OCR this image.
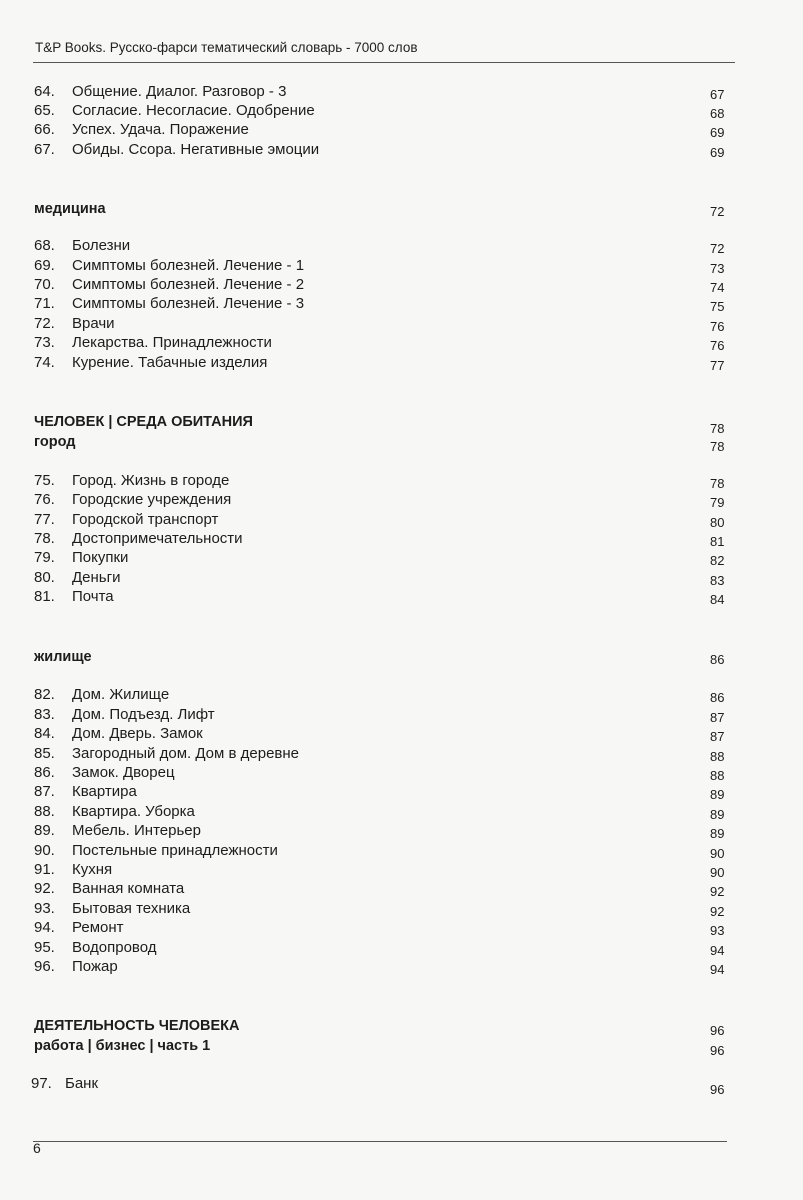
T&P Books. Русско-фарси тематический словарь - 7000 слов
64.	Общение. Диалог. Разговор - 3	67
65.	Согласие. Несогласие. Одобрение	68
66.	Успех. Удача. Поражение	69
67.	Обиды. Ссора. Негативные эмоции	69
медицина	72
68.	Болезни	72
69.	Симптомы болезней. Лечение - 1	73
70.	Симптомы болезней. Лечение - 2	74
71.	Симптомы болезней. Лечение - 3	75
72.	Врачи	76
73.	Лекарства. Принадлежности	76
74.	Курение. Табачные изделия	77
ЧЕЛОВЕК | СРЕДА ОБИТАНИЯ	78
город	78
75.	Город. Жизнь в городе	78
76.	Городские учреждения	79
77.	Городской транспорт	80
78.	Достопримечательности	81
79.	Покупки	82
80.	Деньги	83
81.	Почта	84
жилище	86
82.	Дом. Жилище	86
83.	Дом. Подъезд. Лифт	87
84.	Дом. Дверь. Замок	87
85.	Загородный дом. Дом в деревне	88
86.	Замок. Дворец	88
87.	Квартира	89
88.	Квартира. Уборка	89
89.	Мебель. Интерьер	89
90.	Постельные принадлежности	90
91.	Кухня	90
92.	Ванная комната	92
93.	Бытовая техника	92
94.	Ремонт	93
95.	Водопровод	94
96.	Пожар	94
ДЕЯТЕЛЬНОСТЬ ЧЕЛОВЕКА	96
работа | бизнес | часть 1	96
97. Банк	96
6
